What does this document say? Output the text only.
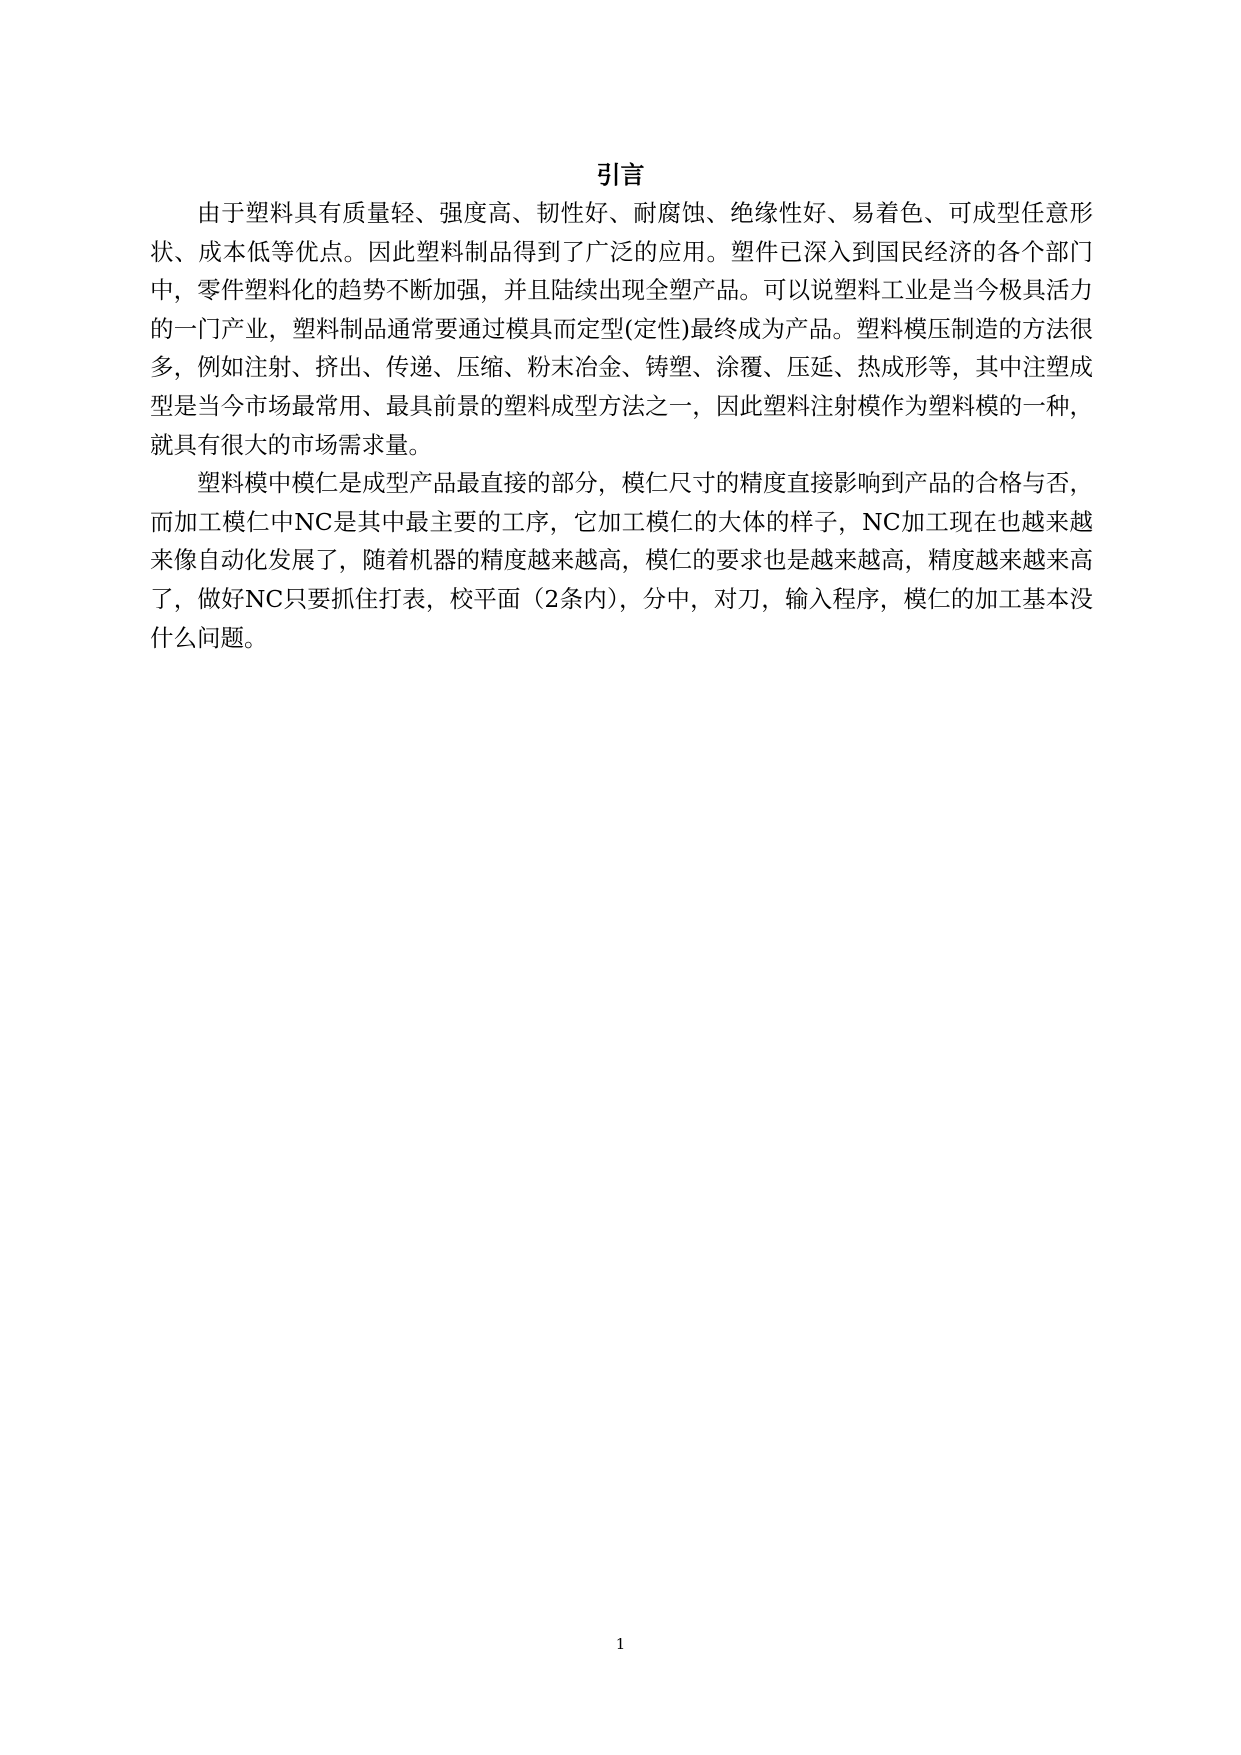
引言

由于塑料具有质量轻、强度高、韧性好、耐腐蚀、绝缘性好、易着色、可成型任意形状、成本低等优点。因此塑料制品得到了广泛的应用。塑件已深入到国民经济的各个部门中，零件塑料化的趋势不断加强，并且陆续出现全塑产品。可以说塑料工业是当今极具活力的一门产业，塑料制品通常要通过模具而定型(定性)最终成为产品。塑料模压制造的方法很多，例如注射、挤出、传递、压缩、粉末冶金、铸塑、涂覆、压延、热成形等，其中注塑成型是当今市场最常用、最具前景的塑料成型方法之一，因此塑料注射模作为塑料模的一种，就具有很大的市场需求量。

塑料模中模仁是成型产品最直接的部分，模仁尺寸的精度直接影响到产品的合格与否，而加工模仁中NC是其中最主要的工序，它加工模仁的大体的样子，NC加工现在也越来越来像自动化发展了，随着机器的精度越来越高，模仁的要求也是越来越高，精度越来越来高了，做好NC只要抓住打表，校平面（2条内），分中，对刀，输入程序，模仁的加工基本没什么问题。

1
